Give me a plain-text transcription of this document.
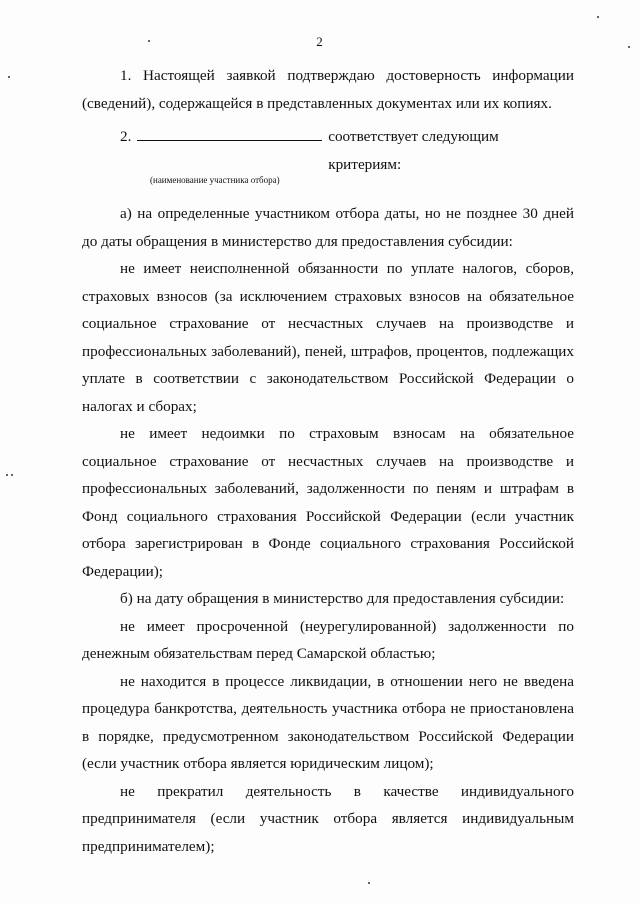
2

1. Настоящей заявкой подтверждаю достоверность информации (сведений), содержащейся в представленных документах или их копиях.

2.	соответствует следующим критериям:
(наименование участника отбора)

а) на определенные участником отбора даты, но не позднее 30 дней до даты обращения в министерство для предоставления субсидии:

не имеет неисполненной обязанности по уплате налогов, сборов, страховых взносов (за исключением страховых взносов на обязательное социальное страхование от несчастных случаев на производстве и профессиональных заболеваний), пеней, штрафов, процентов, подлежащих уплате в соответствии с законодательством Российской Федерации о налогах и сборах;

не имеет недоимки по страховым взносам на обязательное социальное страхование от несчастных случаев на производстве и профессиональных заболеваний, задолженности по пеням и штрафам в Фонд социального страхования Российской Федерации (если участник отбора зарегистрирован в Фонде социального страхования Российской Федерации);

б) на дату обращения в министерство для предоставления субсидии:

не имеет просроченной (неурегулированной) задолженности по денежным обязательствам перед Самарской областью;

не находится в процессе ликвидации, в отношении него не введена процедура банкротства, деятельность участника отбора не приостановлена в порядке, предусмотренном законодательством Российской Федерации (если участник отбора является юридическим лицом);

не прекратил деятельность в качестве индивидуального предпринимателя (если участник отбора является индивидуальным предпринимателем);
